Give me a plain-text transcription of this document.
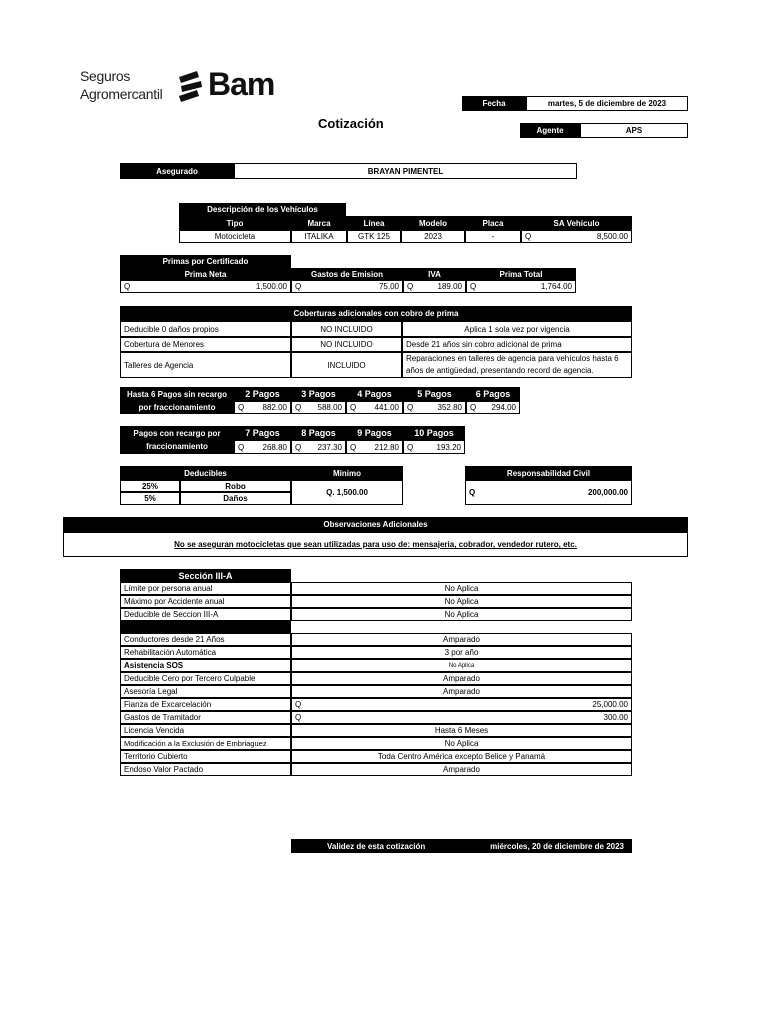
Seguros
Agromercantil Bam
Cotización
Fecha	martes, 5 de diciembre de 2023
Agente	APS
Asegurado	BRAYAN PIMENTEL
Descripción de los Vehículos
Tipo	Marca	Línea	Modelo	Placa	SA Vehículo
Motocicleta	ITALIKA	GTK 125	2023	-	Q	8,500.00
Primas por Certificado
Prima Neta	Gastos de Emision	IVA	Prima Total
Q	1,500.00 Q	75.00 Q	189.00 Q	1,764.00
Coberturas adicionales con cobro de prima
Deducible 0 daños propios	NO INCLUIDO	Aplica 1 sola vez por vigencia
Cobertura de Menores	NO INCLUIDO	Desde 21 años sin cobro adicional de prima
Talleres de Agencia	INCLUIDO
Reparaciones en talleres de agencia para vehículos hasta 6 años de antigüedad, presentando record de agencia.
Hasta 6 Pagos sin recargo por fraccionamiento
2 Pagos	3 Pagos	4 Pagos	5 Pagos	6 Pagos
Q 882.00 Q 588.00 Q 441.00 Q	352.80 Q 294.00
Pagos con recargo por fraccionamiento
7 Pagos	8 Pagos	9 Pagos	10 Pagos
Q 268.80 Q 237.30 Q 212.80 Q	193.20
Deducibles	Mínimo
25%	Robo
5%	Daños
Q. 1,500.00
Responsabilidad Civil
Q	200,000.00
Observaciones Adicionales
No se aseguran motocicletas que sean utilizadas para uso de: mensajeria, cobrador, vendedor rutero, etc.
Sección III-A
Límite por persona anual	No Aplica
Máximo por Accidente anual	No Aplica
Deducible de Seccion III-A	No Aplica
Conductores desde 21 Años	Amparado
Rehabilitación Automática	3 por año
Asistencia SOS	No Aplica
Deducible Cero por Tercero Culpable	Amparado
Asesoría Legal	Amparado
Fianza de Excarcelación	Q	25,000.00
Gastos de Tramitador	Q	300.00
Licencia Vencida	Hasta 6 Meses
Modificación a la Exclusión de Embriaguez	No Aplica
Territorio Cubierto	Toda Centro América excepto Belice y Panamá
Endoso Valor Pactado	Amparado
Validez de esta cotización	miércoles, 20 de diciembre de 2023
